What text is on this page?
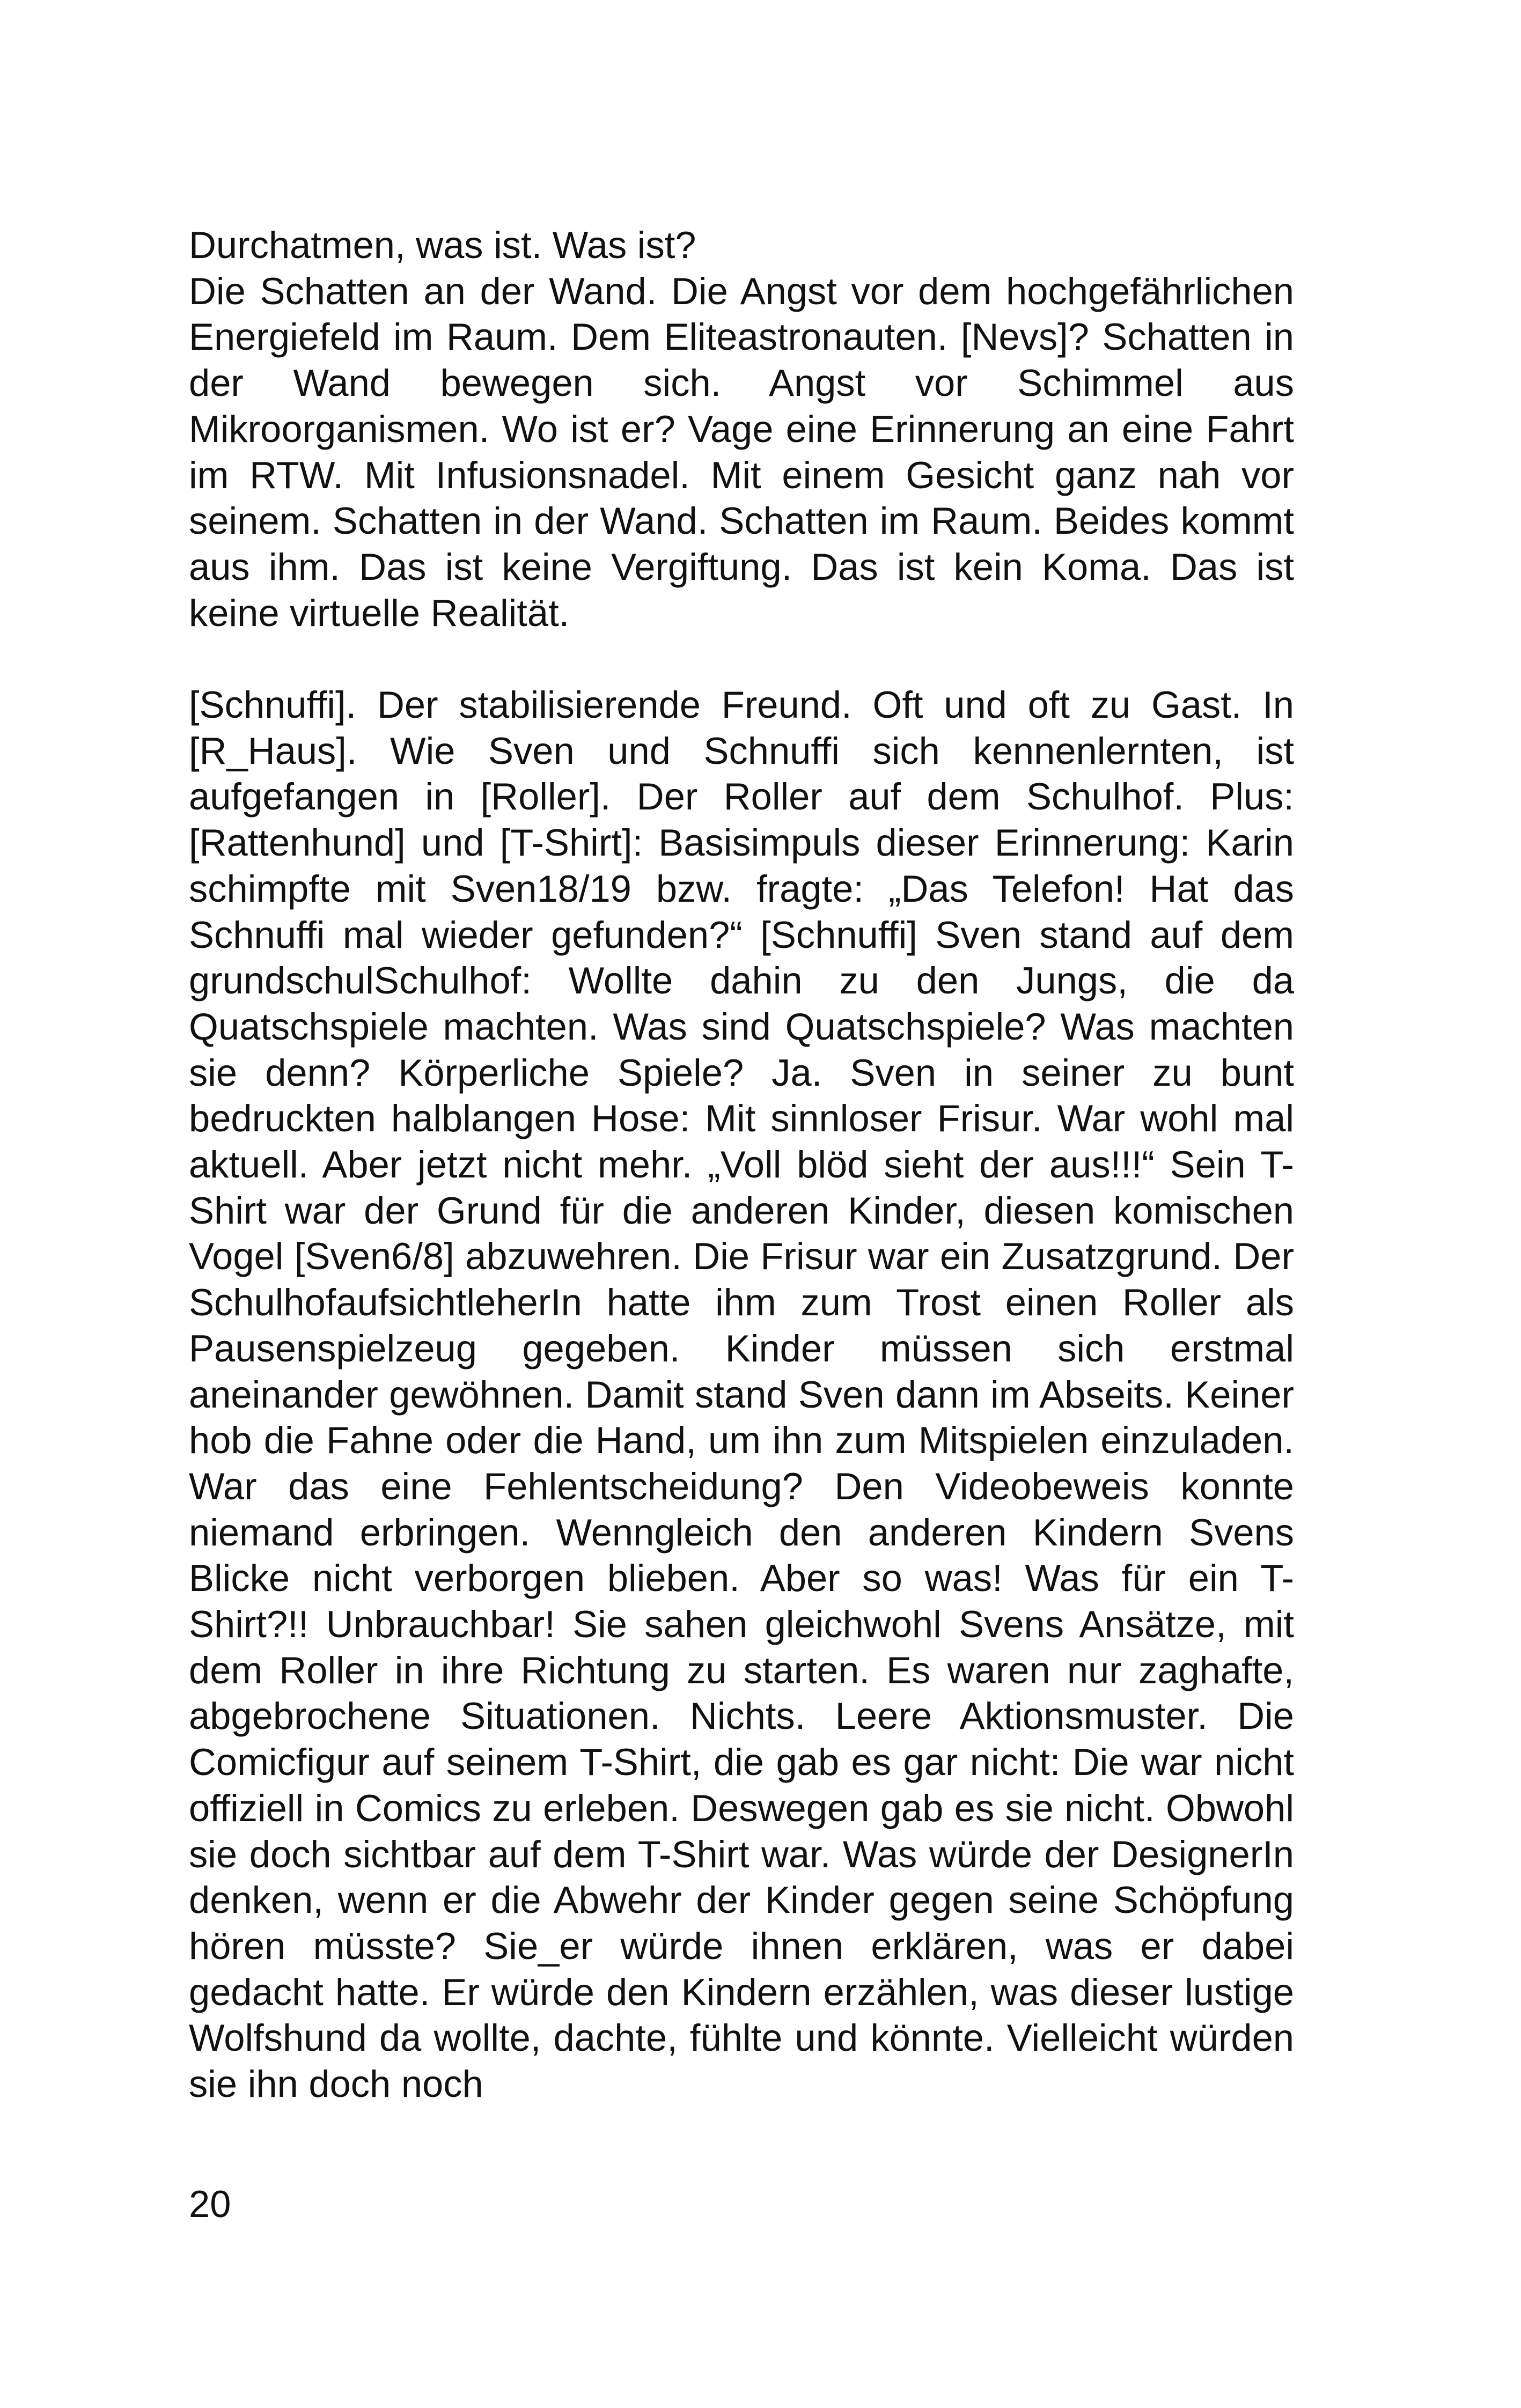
Durchatmen, was ist. Was ist?

Die Schatten an der Wand. Die Angst vor dem hochgefährlichen Energiefeld im Raum. Dem Eliteastronauten. [Nevs]? Schatten in der Wand bewegen sich. Angst vor Schimmel aus Mikroorganismen. Wo ist er? Vage eine Erinnerung an eine Fahrt im RTW. Mit Infusionsnadel. Mit einem Gesicht ganz nah vor seinem. Schatten in der Wand. Schatten im Raum. Beides kommt aus ihm. Das ist keine Vergiftung. Das ist kein Koma. Das ist keine virtuelle Realität.

[Schnuffi]. Der stabilisierende Freund. Oft und oft zu Gast. In [R_Haus]. Wie Sven und Schnuffi sich kennenlernten, ist aufgefangen in [Roller]. Der Roller auf dem Schulhof. Plus: [Rattenhund] und [T-Shirt]: Basisimpuls dieser Erinnerung: Karin schimpfte mit Sven18/19 bzw. fragte: „Das Telefon! Hat das Schnuffi mal wieder gefunden?“ [Schnuffi] Sven stand auf dem grundschulSchulhof: Wollte dahin zu den Jungs, die da Quatschspiele machten. Was sind Quatschspiele? Was machten sie denn? Körperliche Spiele? Ja. Sven in seiner zu bunt bedruckten halblangen Hose: Mit sinnloser Frisur. War wohl mal aktuell. Aber jetzt nicht mehr. „Voll blöd sieht der aus!!!“ Sein T-Shirt war der Grund für die anderen Kinder, diesen komischen Vogel [Sven6/8] abzuwehren. Die Frisur war ein Zusatzgrund. Der SchulhofaufsichtleherIn hatte ihm zum Trost einen Roller als Pausenspielzeug gegeben. Kinder müssen sich erstmal aneinander gewöhnen. Damit stand Sven dann im Abseits. Keiner hob die Fahne oder die Hand, um ihn zum Mitspielen einzuladen. War das eine Fehlentscheidung? Den Videobeweis konnte niemand erbringen. Wenngleich den anderen Kindern Svens Blicke nicht verborgen blieben. Aber so was! Was für ein T-Shirt?!! Unbrauchbar! Sie sahen gleichwohl Svens Ansätze, mit dem Roller in ihre Richtung zu starten. Es waren nur zaghafte, abgebrochene Situationen. Nichts. Leere Aktionsmuster. Die Comicfigur auf seinem T-Shirt, die gab es gar nicht: Die war nicht offiziell in Comics zu erleben. Deswegen gab es sie nicht. Obwohl sie doch sichtbar auf dem T-Shirt war. Was würde der DesignerIn denken, wenn er die Abwehr der Kinder gegen seine Schöpfung hören müsste? Sie_er würde ihnen erklären, was er dabei gedacht hatte. Er würde den Kindern erzählen, was dieser lustige Wolfshund da wollte, dachte, fühlte und könnte. Vielleicht würden sie ihn doch noch

20
